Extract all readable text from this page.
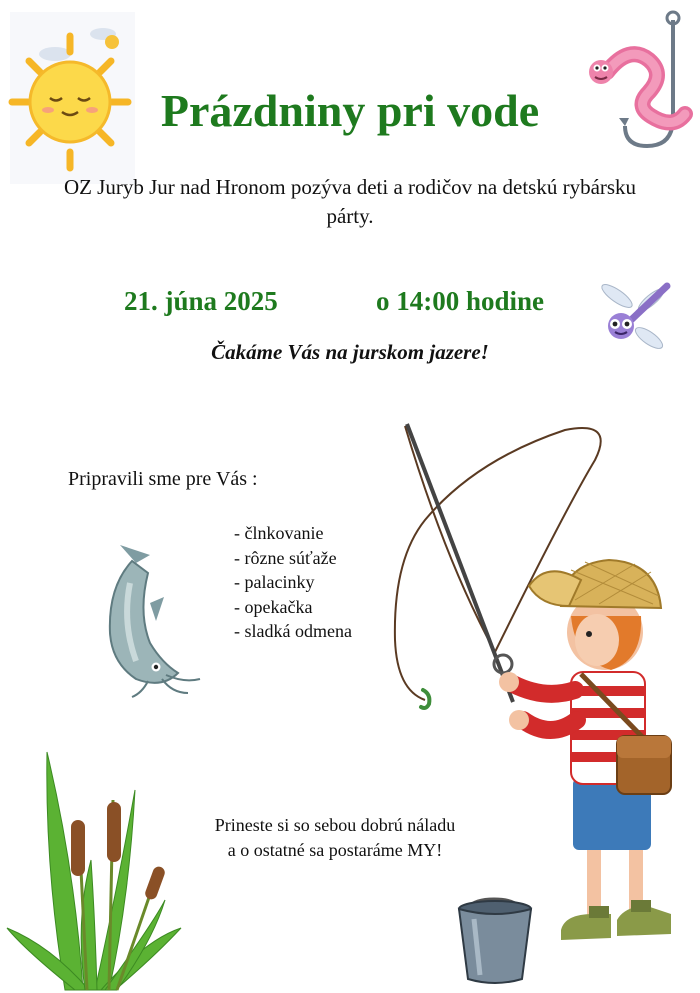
Prázdniny pri vode
OZ Juryb Jur nad Hronom pozýva deti a rodičov na detskú rybársku párty.
21. júna 2025	o 14:00 hodine
Čakáme Vás na jurskom jazere!
Pripravili sme pre Vás :
- člnkovanie
- rôzne súťaže
- palacinky
- opekačka
- sladká odmena
Prineste si so sebou dobrú náladu
a o ostatné sa postaráme MY!
